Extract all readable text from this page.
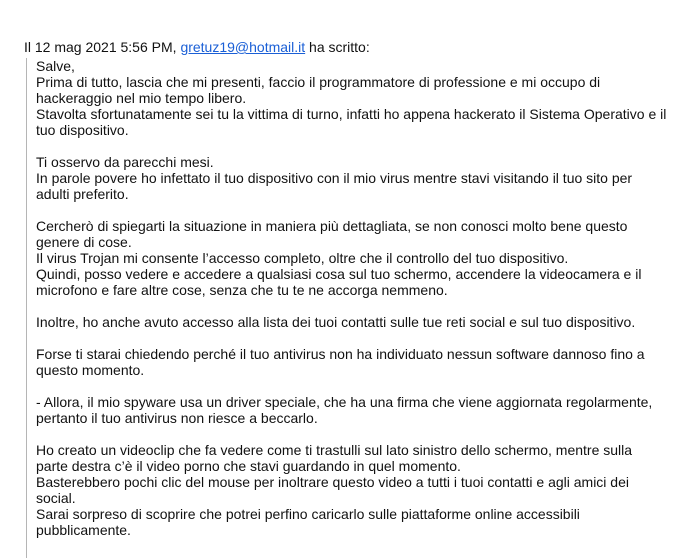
Il 12 mag 2021 5:56 PM, gretuz19@hotmail.it ha scritto:
Salve,
Prima di tutto, lascia che mi presenti, faccio il programmatore di professione e mi occupo di
hackeraggio nel mio tempo libero.
Stavolta sfortunatamente sei tu la vittima di turno, infatti ho appena hackerato il Sistema Operativo e il
tuo dispositivo.
Ti osservo da parecchi mesi.
In parole povere ho infettato il tuo dispositivo con il mio virus mentre stavi visitando il tuo sito per
adulti preferito.
Cercherò di spiegarti la situazione in maniera più dettagliata, se non conosci molto bene questo
genere di cose.
Il virus Trojan mi consente l’accesso completo, oltre che il controllo del tuo dispositivo.
Quindi, posso vedere e accedere a qualsiasi cosa sul tuo schermo, accendere la videocamera e il
microfono e fare altre cose, senza che tu te ne accorga nemmeno.
Inoltre, ho anche avuto accesso alla lista dei tuoi contatti sulle tue reti social e sul tuo dispositivo.
Forse ti starai chiedendo perché il tuo antivirus non ha individuato nessun software dannoso fino a
questo momento.
- Allora, il mio spyware usa un driver speciale, che ha una firma che viene aggiornata regolarmente,
pertanto il tuo antivirus non riesce a beccarlo.
Ho creato un videoclip che fa vedere come ti trastulli sul lato sinistro dello schermo, mentre sulla
parte destra c’è il video porno che stavi guardando in quel momento.
Basterebbero pochi clic del mouse per inoltrare questo video a tutti i tuoi contatti e agli amici dei
social.
Sarai sorpreso di scoprire che potrei perfino caricarlo sulle piattaforme online accessibili
pubblicamente.
